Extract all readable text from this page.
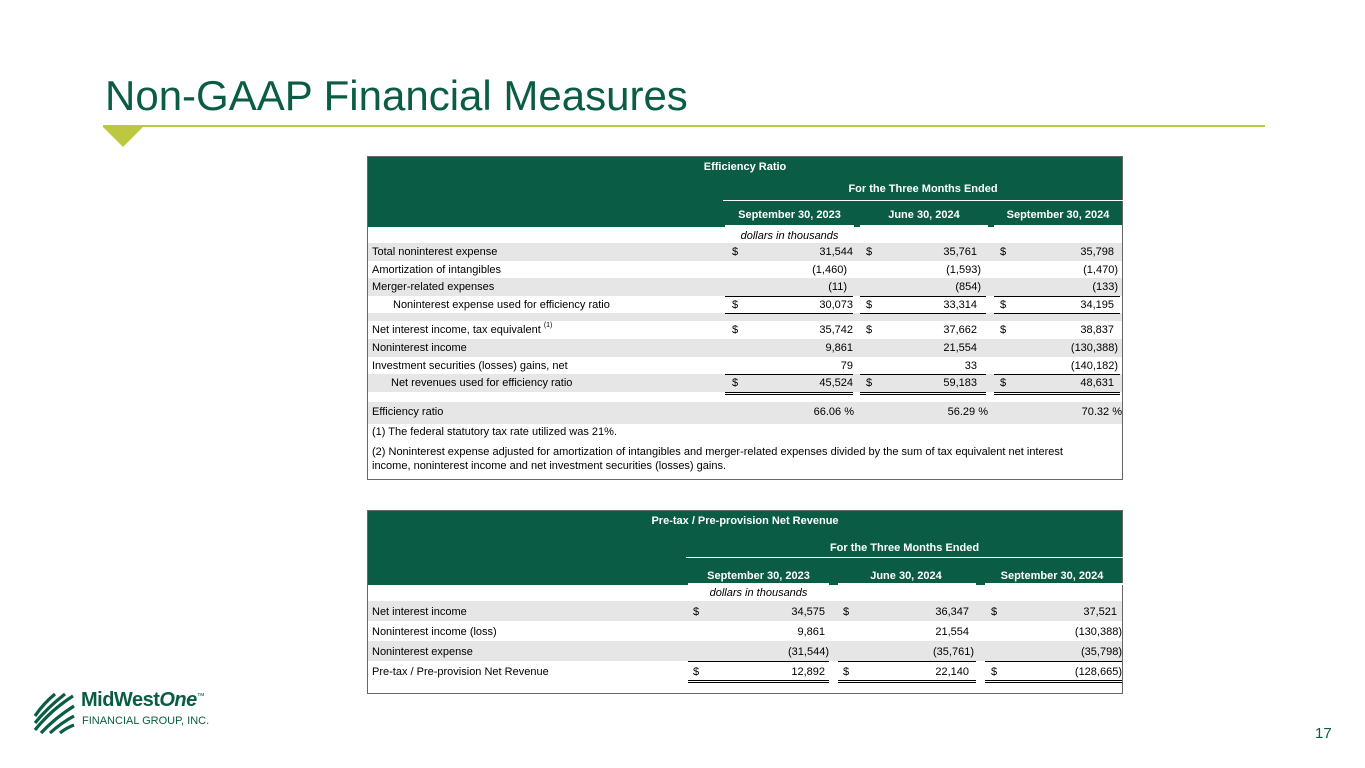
Non-GAAP Financial Measures
Efficiency Ratio
For the Three Months Ended
September 30, 2023	June 30, 2024	September 30, 2024
dollars in thousands
Total noninterest expense	$	31,544 $	35,761 $	35,798
Amortization of intangibles	(1,460)	(1,593)	(1,470)
Merger-related expenses	(11)	(854)	(133)
Noninterest expense used for efficiency ratio	$	30,073 $	33,314 $	34,195
Net interest income, tax equivalent $^{(1)}$	$	35,742 $	37,662 $	38,837
Noninterest income	9,861	21,554	(130,388)
Investment securities (losses) gains, net	79	33	(140,182)
Net revenues used for efficiency ratio	$	45,524 $	59,183 $	48,631
Efficiency ratio	66.06 %	56.29 %	70.32 %
(1) The federal statutory tax rate utilized was 21%.
(2) Noninterest expense adjusted for amortization of intangibles and merger-related expenses divided by the sum of tax equivalent net interest
income, noninterest income and net investment securities (losses) gains.
Pre-tax / Pre-provision Net Revenue
For the Three Months Ended
September 30, 2023	June 30, 2024	September 30, 2024
dollars in thousands
Net interest income	$	34,575 $	36,347 $	37,521
Noninterest income (loss)	9,861	21,554	(130,388)
Noninterest expense	(31,544)	(35,761)	(35,798)
Pre-tax / Pre-provision Net Revenue	$	12,892 $	22,140 $	(128,665)
MidWestOne™
FINANCIAL GROUP, INC.
17
